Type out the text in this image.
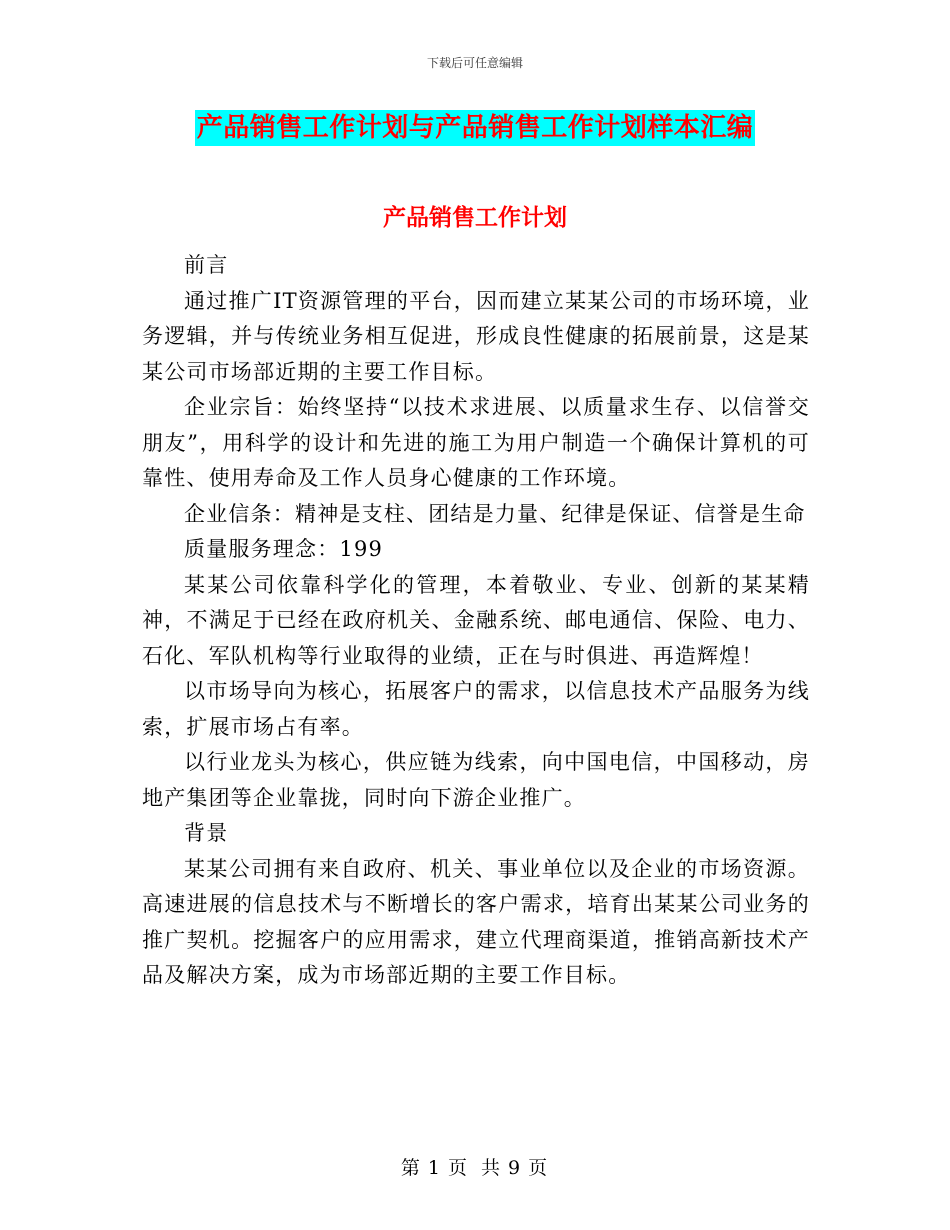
下载后可任意编辑
产品销售工作计划与产品销售工作计划样本汇编
产品销售工作计划

前言

通过推广IT资源管理的平台，因而建立某某公司的市场环境，业务逻辑，并与传统业务相互促进，形成良性健康的拓展前景，这是某某公司市场部近期的主要工作目标。

企业宗旨：始终坚持“以技术求进展、以质量求生存、以信誉交朋友”，用科学的设计和先进的施工为用户制造一个确保计算机的可靠性、使用寿命及工作人员身心健康的工作环境。

企业信条：精神是支柱、团结是力量、纪律是保证、信誉是生命

质量服务理念：199

某某公司依靠科学化的管理，本着敬业、专业、创新的某某精神，不满足于已经在政府机关、金融系统、邮电通信、保险、电力、石化、军队机构等行业取得的业绩，正在与时俱进、再造辉煌！

以市场导向为核心，拓展客户的需求，以信息技术产品服务为线索，扩展市场占有率。

以行业龙头为核心，供应链为线索，向中国电信，中国移动，房地产集团等企业靠拢，同时向下游企业推广。

背景

某某公司拥有来自政府、机关、事业单位以及企业的市场资源。高速进展的信息技术与不断增长的客户需求，培育出某某公司业务的推广契机。挖掘客户的应用需求，建立代理商渠道，推销高新技术产品及解决方案，成为市场部近期的主要工作目标。

第 1 页 共 9 页
